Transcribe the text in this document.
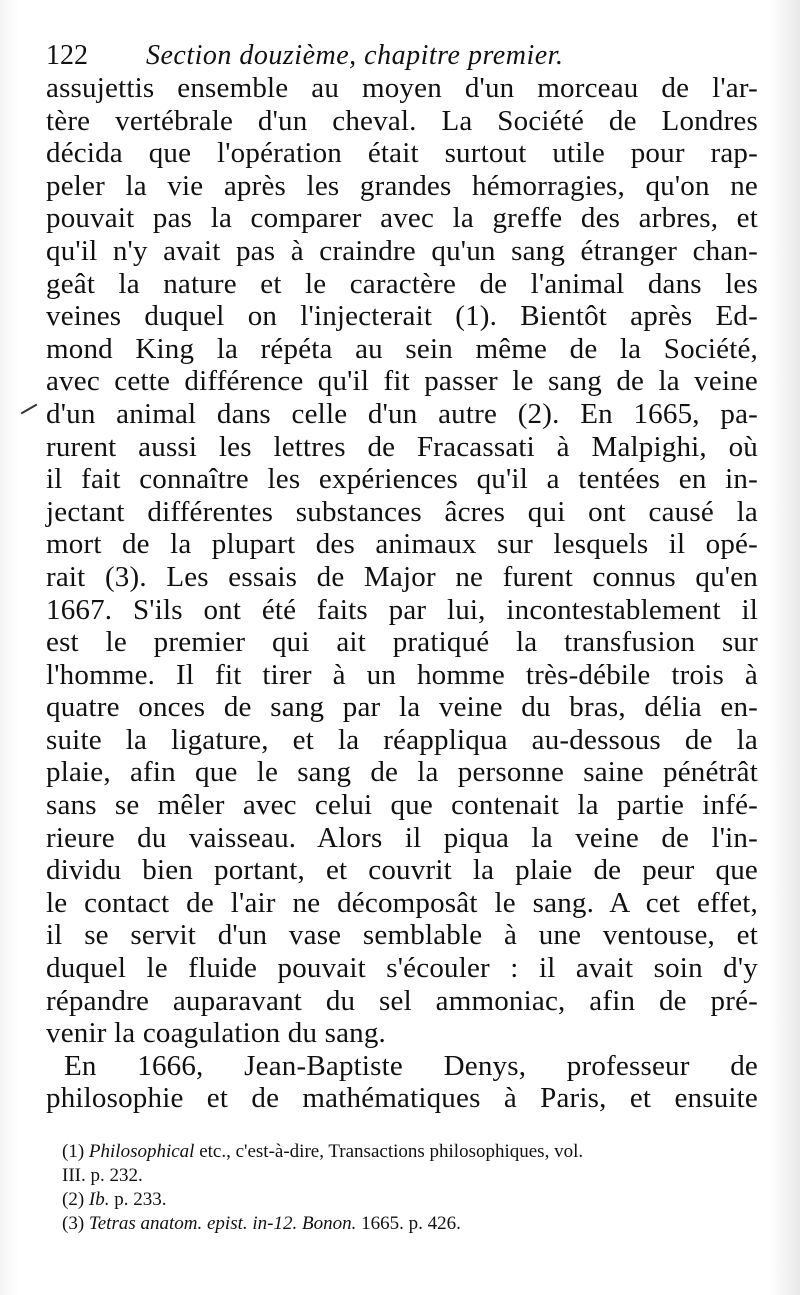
122 Section douzième, chapitre premier.
assujettis ensemble au moyen d'un morceau de l'ar-
tère vertébrale d'un cheval. La Société de Londres
décida que l'opération était surtout utile pour rap-
peler la vie après les grandes hémorragies, qu'on ne
pouvait pas la comparer avec la greffe des arbres, et
qu'il n'y avait pas à craindre qu'un sang étranger chan-
geât la nature et le caractère de l'animal dans les
veines duquel on l'injecterait (1). Bientôt après Ed-
mond King la répéta au sein même de la Société,
avec cette différence qu'il fit passer le sang de la veine
d'un animal dans celle d'un autre (2). En 1665, pa-
rurent aussi les lettres de Fracassati à Malpighi, où
il fait connaître les expériences qu'il a tentées en in-
jectant différentes substances âcres qui ont causé la
mort de la plupart des animaux sur lesquels il opé-
rait (3). Les essais de Major ne furent connus qu'en
1667. S'ils ont été faits par lui, incontestablement il
est le premier qui ait pratiqué la transfusion sur
l'homme. Il fit tirer à un homme très-débile trois à
quatre onces de sang par la veine du bras, délia en-
suite la ligature, et la réappliqua au-dessous de la
plaie, afin que le sang de la personne saine pénétrât
sans se mêler avec celui que contenait la partie infé-
rieure du vaisseau. Alors il piqua la veine de l'in-
dividu bien portant, et couvrit la plaie de peur que
le contact de l'air ne décomposât le sang. A cet effet,
il se servit d'un vase semblable à une ventouse, et
duquel le fluide pouvait s'écouler : il avait soin d'y
répandre auparavant du sel ammoniac, afin de pré-
venir la coagulation du sang.
En 1666, Jean-Baptiste Denys, professeur de
philosophie et de mathématiques à Paris, et ensuite
(1) Philosophical etc., c'est-à-dire, Transactions philosophiques, vol.
III. p. 232.
(2) Ib. p. 233.
(3) Tetras anatom. epist. in-12. Bonon. 1665. p. 426.
